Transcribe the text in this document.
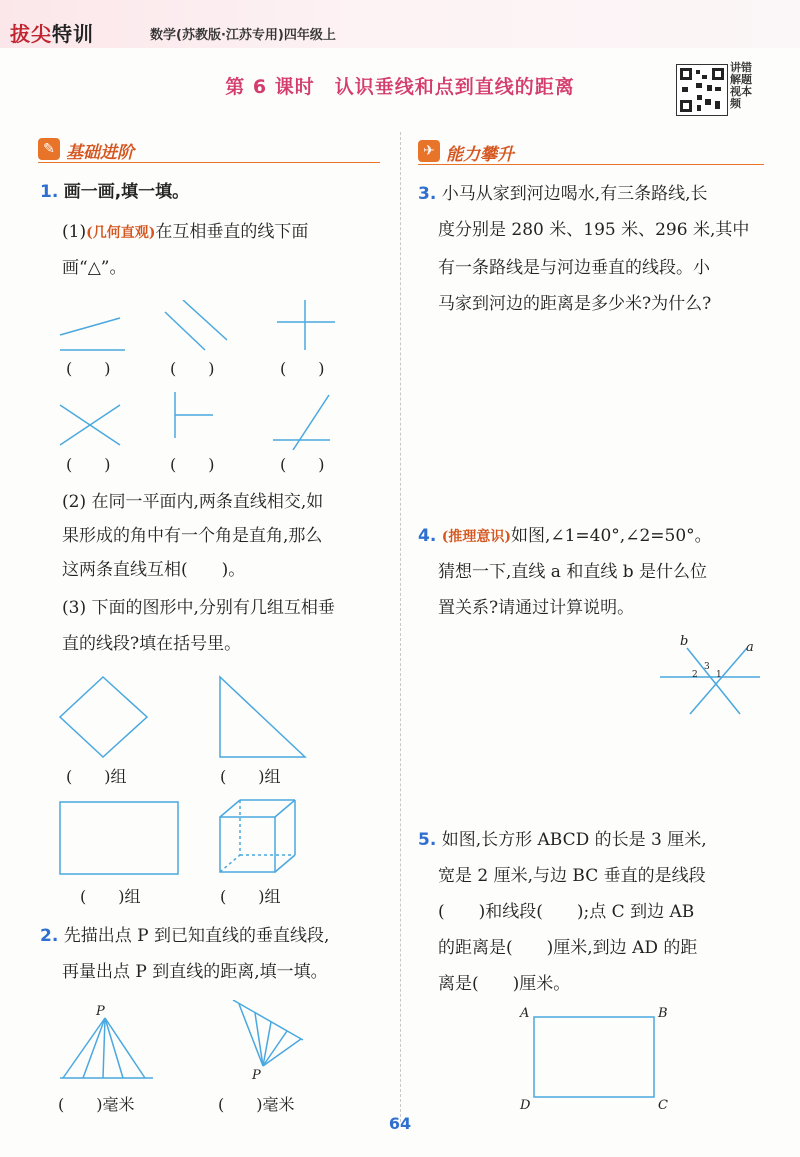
拔尖特训	数学(苏教版·江苏专用)四年级上
第 6 课时　认识垂线和点到直线的距离
讲错解题视本频
✎ 基础进阶	✈ 能力攀升
1. 画一画,填一填。
(1)(几何直观)在互相垂直的线下面
画“△”。
(　　)	(　　)	(　　)
(　　)	(　　)	(　　)
(2) 在同一平面内,两条直线相交,如
果形成的角中有一个角是直角,那么
这两条直线互相(　　)。
(3) 下面的图形中,分别有几组互相垂
直的线段?填在括号里。
(　　)组	(　　)组
(　　)组	(　　)组
2. 先描出点 P 到已知直线的垂直线段,
再量出点 P 到直线的距离,填一填。
P
P
(　　)毫米	(　　)毫米
3. 小马从家到河边喝水,有三条路线,长
度分别是 280 米、195 米、296 米,其中
有一条路线是与河边垂直的线段。小
马家到河边的距离是多少米?为什么?
4. (推理意识)如图,∠1=40°,∠2=50°。
猜想一下,直线 a 和直线 b 是什么位
置关系?请通过计算说明。
b	a
2
3
1
5. 如图,长方形 ABCD 的长是 3 厘米,
宽是 2 厘米,与边 BC 垂直的是线段
(　　)和线段(　　);点 C 到边 AB
的距离是(　　)厘米,到边 AD 的距
离是(　　)厘米。
A	B
C
D
64
